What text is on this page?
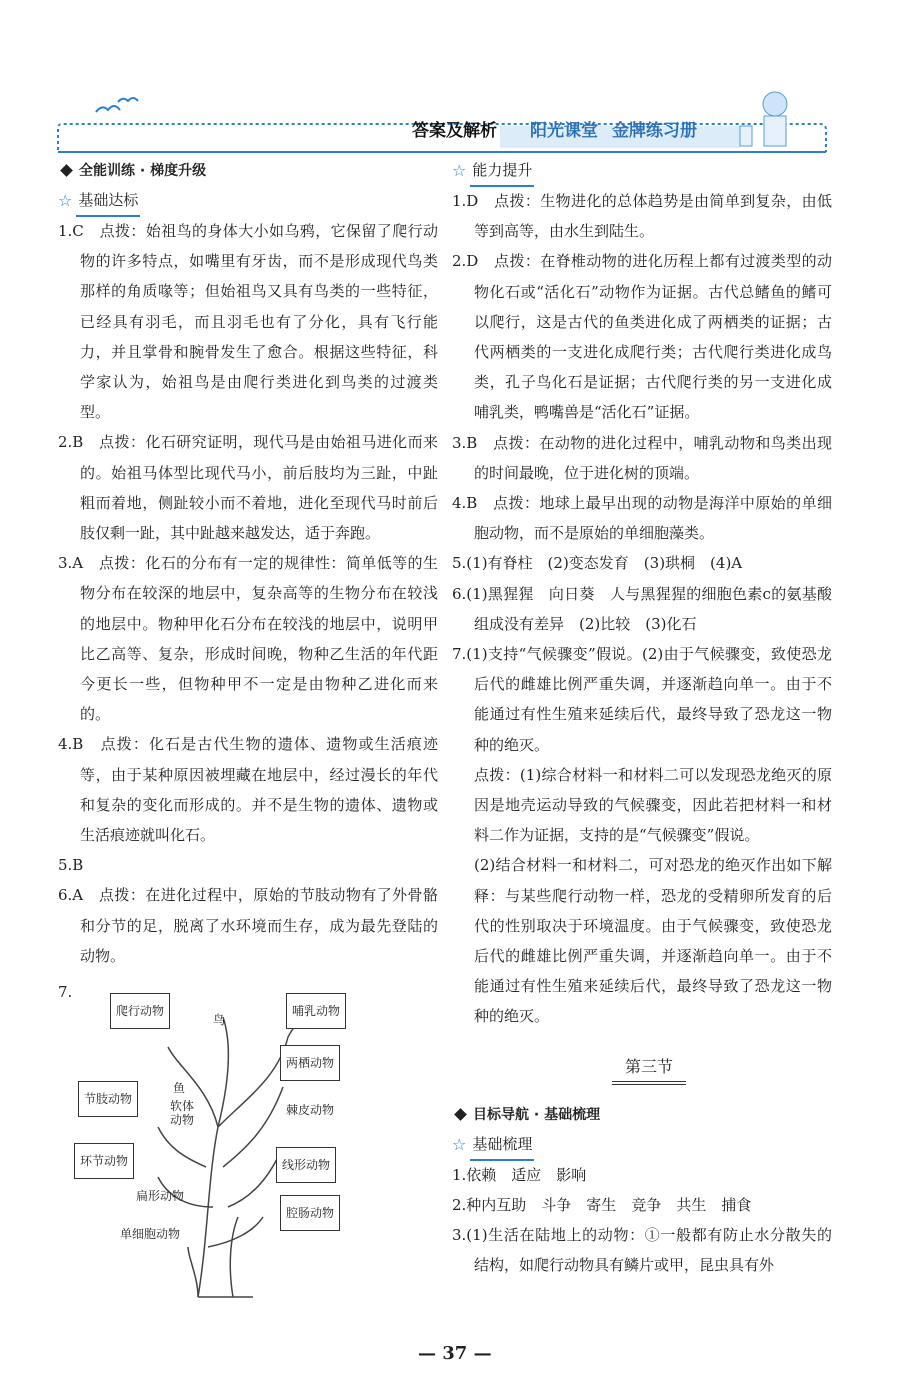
答案及解析 阳光课堂 金牌练习册
全能训练 · 梯度升级
☆ 基础达标

1.C　点拨：始祖鸟的身体大小如乌鸦，它保留了爬行动物的许多特点，如嘴里有牙齿，而不是形成现代鸟类那样的角质喙等；但始祖鸟又具有鸟类的一些特征，已经具有羽毛，而且羽毛也有了分化，具有飞行能力，并且掌骨和腕骨发生了愈合。根据这些特征，科学家认为，始祖鸟是由爬行类进化到鸟类的过渡类型。

2.B　点拨：化石研究证明，现代马是由始祖马进化而来的。始祖马体型比现代马小，前后肢均为三趾，中趾粗而着地，侧趾较小而不着地，进化至现代马时前后肢仅剩一趾，其中趾越来越发达，适于奔跑。

3.A　点拨：化石的分布有一定的规律性：简单低等的生物分布在较深的地层中，复杂高等的生物分布在较浅的地层中。物种甲化石分布在较浅的地层中，说明甲比乙高等、复杂，形成时间晚，物种乙生活的年代距今更长一些，但物种甲不一定是由物种乙进化而来的。

4.B　点拨：化石是古代生物的遗体、遗物或生活痕迹等，由于某种原因被埋藏在地层中，经过漫长的年代和复杂的变化而形成的。并不是生物的遗体、遗物或生活痕迹就叫化石。

5.B

6.A　点拨：在进化过程中，原始的节肢动物有了外骨骼和分节的足，脱离了水环境而生存，成为最先登陆的动物。

7.
爬行动物
鸟
哺乳动物
两栖动物
鱼
节肢动物	软体动物
棘皮动物
环节动物	线形动物
扁形动物
腔肠动物
单细胞动物
☆ 能力提升

1.D　点拨：生物进化的总体趋势是由简单到复杂，由低等到高等，由水生到陆生。

2.D　点拨：在脊椎动物的进化历程上都有过渡类型的动物化石或“活化石”动物作为证据。古代总鳍鱼的鳍可以爬行，这是古代的鱼类进化成了两栖类的证据；古代两栖类的一支进化成爬行类；古代爬行类进化成鸟类，孔子鸟化石是证据；古代爬行类的另一支进化成哺乳类，鸭嘴兽是“活化石”证据。

3.B　点拨：在动物的进化过程中，哺乳动物和鸟类出现的时间最晚，位于进化树的顶端。

4.B　点拨：地球上最早出现的动物是海洋中原始的单细胞动物，而不是原始的单细胞藻类。

5.(1)有脊柱　(2)变态发育　(3)珙桐　(4)A

6.(1)黑猩猩　向日葵　人与黑猩猩的细胞色素c的氨基酸组成没有差异　(2)比较　(3)化石

7.(1)支持“气候骤变”假说。(2)由于气候骤变，致使恐龙后代的雌雄比例严重失调，并逐渐趋向单一。由于不能通过有性生殖来延续后代，最终导致了恐龙这一物种的绝灭。

点拨：(1)综合材料一和材料二可以发现恐龙绝灭的原因是地壳运动导致的气候骤变，因此若把材料一和材料二作为证据，支持的是“气候骤变”假说。

(2)结合材料一和材料二，可对恐龙的绝灭作出如下解释：与某些爬行动物一样，恐龙的受精卵所发育的后代的性别取决于环境温度。由于气候骤变，致使恐龙后代的雌雄比例严重失调，并逐渐趋向单一。由于不能通过有性生殖来延续后代，最终导致了恐龙这一物种的绝灭。

第三节
目标导航 · 基础梳理
☆ 基础梳理

1.依赖　适应　影响

2.种内互助　斗争　寄生　竞争　共生　捕食

3.(1)生活在陆地上的动物：①一般都有防止水分散失的结构，如爬行动物具有鳞片或甲，昆虫具有外

— 37 —
